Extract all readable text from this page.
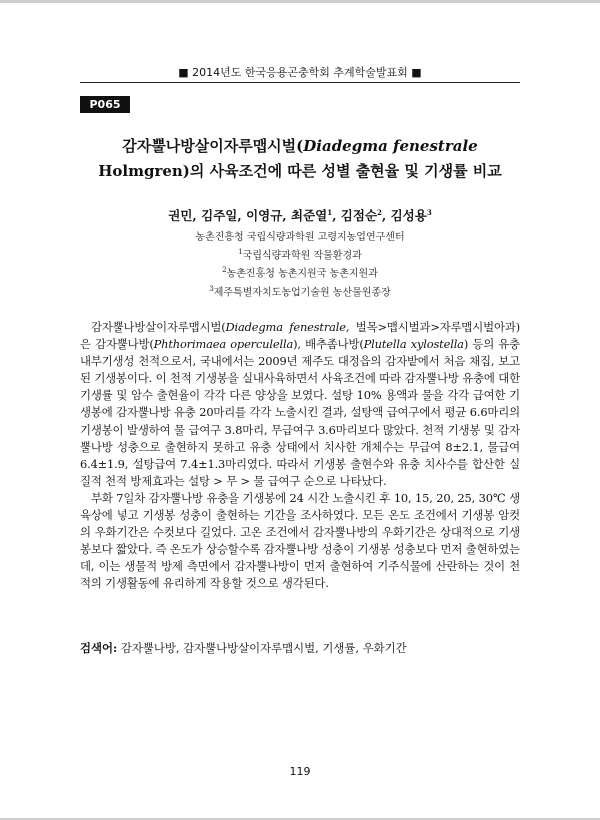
■ 2014년도 한국응용곤충학회 추계학술발표회 ■
P065
감자뿔나방살이자루맵시벌(Diadegma fenestrale
Holmgren)의 사육조건에 따른 성별 출현율 및 기생률 비교
권민, 김주일, 이영규, 최준열$^1$, 김점순$^2$, 김성용$^3$
농촌진흥청 국립식량과학원 고령지농업연구센터
$^1$국립식량과학원 작물환경과
$^2$농촌진흥청 농촌지원국 농촌지원과
$^3$제주특별자치도농업기술원 농산물원종장

감자뿔나방살이자루맵시벌(Diadegma fenestrale, 벌목>맵시벌과>자루맵시벌아과)은 감자뿔나방(Phthorimaea operculella), 배추좀나방(Plutella xylostella) 등의 유충 내부기생성 천적으로서, 국내에서는 2009년 제주도 대정읍의 감자밭에서 처음 채집, 보고된 기생봉이다. 이 천적 기생봉을 실내사육하면서 사육조건에 따라 감자뿔나방 유충에 대한 기생률 및 암수 출현율이 각각 다른 양상을 보였다. 설탕 10% 용액과 물을 각각 급여한 기생봉에 감자뿔나방 유충 20마리를 각각 노출시킨 결과, 설탕액 급여구에서 평균 6.6마리의 기생봉이 발생하여 물 급여구 3.8마리, 무급여구 3.6마리보다 많았다. 천적 기생봉 및 감자뿔나방 성충으로 출현하지 못하고 유충 상태에서 치사한 개체수는 무급여 8±2.1, 물급여 6.4±1.9, 설탕급여 7.4±1.3마리였다. 따라서 기생봉 출현수와 유충 치사수를 합산한 실질적 천적 방제효과는 설탕 > 무 > 물 급여구 순으로 나타났다.

부화 7일차 감자뿔나방 유충을 기생봉에 24 시간 노출시킨 후 10, 15, 20, 25, 30℃ 생육상에 넣고 기생봉 성충이 출현하는 기간을 조사하였다. 모든 온도 조건에서 기생봉 암컷의 우화기간은 수컷보다 길었다. 고온 조건에서 감자뿔나방의 우화기간은 상대적으로 기생봉보다 짧았다. 즉 온도가 상승할수록 감자뿔나방 성충이 기생봉 성충보다 먼저 출현하였는데, 이는 생물적 방제 측면에서 감자뿔나방이 먼저 출현하여 기주식물에 산란하는 것이 천적의 기생활동에 유리하게 작용할 것으로 생각된다.

검색어: 감자뿔나방, 감자뿔나방살이자루맵시벌, 기생률, 우화기간
119
